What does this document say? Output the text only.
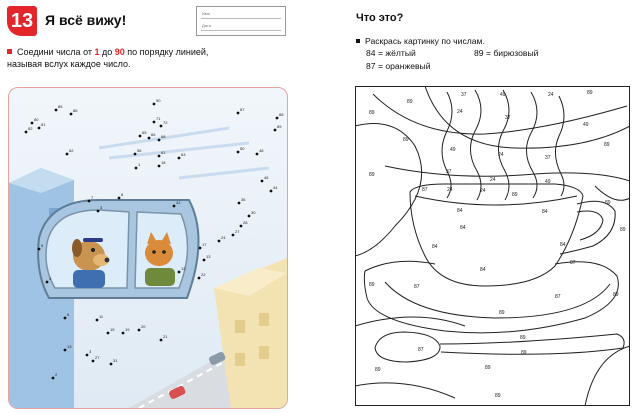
13 Я всё вижу!	Имя
Дата
Соедини числа от 1 до 90 по порядку линией,
называя вслух каждое число.
85
86
90
87
88
89
80
81
82
62
71
72
65 66 68
56	61	63
1	18
50	48
46
44
7
8
3
42
36
30
28
27
24
17
13
12
22
9
4
6	11
15	19
20
21
13
3
27
31
2
Что это?
Раскрась картинку по числам.
84 = жёлтый	89 = бирюзовый
87 = оранжевый
37	49	24	89
89
89	24
37
49
89
49
24	37
89
89	37
24	49
87	24	24
89
84	84
89
84	89
84	84
87
84
87
89
87	89
89
89
87	89
89
89
89
